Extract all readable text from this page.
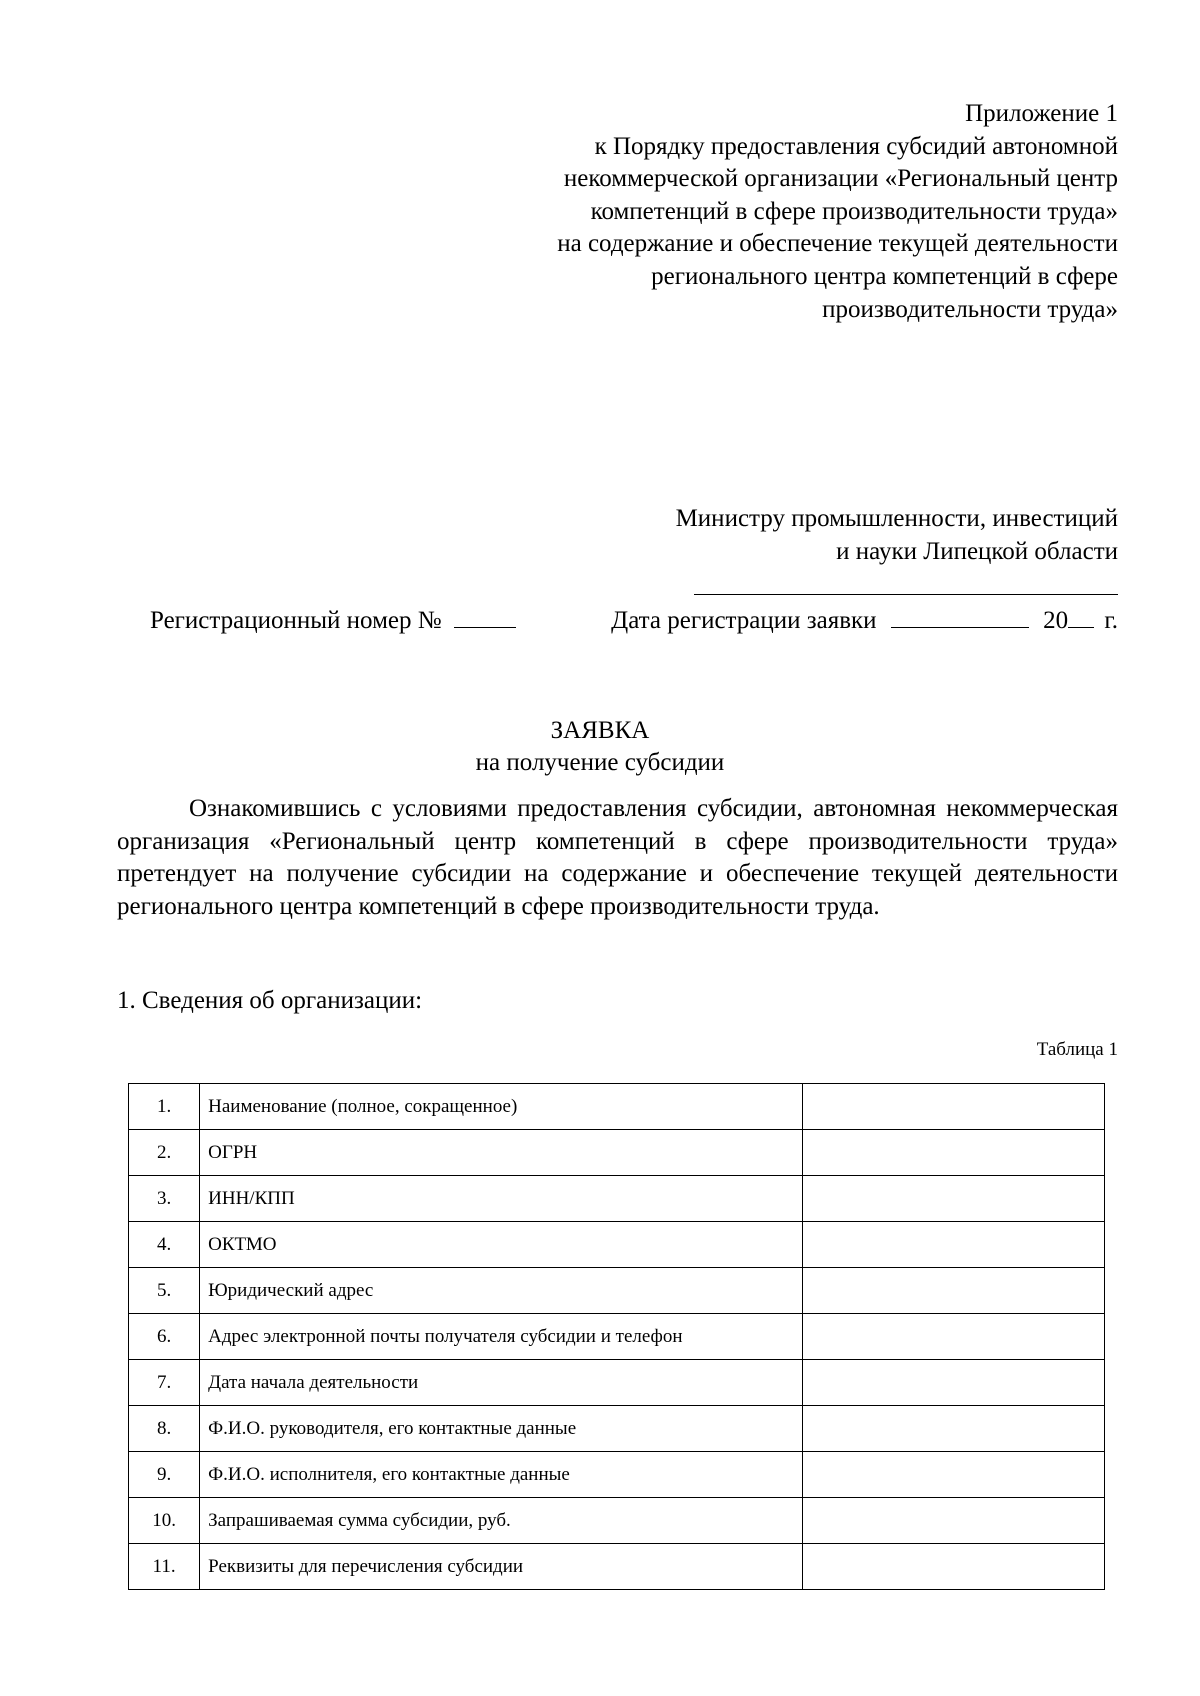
Приложение 1
к Порядку предоставления субсидий автономной
некоммерческой организации «Региональный центр
компетенций в сфере производительности труда»
на содержание и обеспечение текущей деятельности
регионального центра компетенций в сфере
производительности труда»
Министру промышленности, инвестиций
и науки Липецкой области
Регистрационный номер №	Дата регистрации заявки	20 г.
ЗАЯВКА
на получение субсидии
Ознакомившись с условиями предоставления субсидии, автономная некоммерческая организация «Региональный центр компетенций в сфере производительности труда» претендует на получение субсидии на содержание и обеспечение текущей деятельности регионального центра компетенций в сфере производительности труда.
1. Сведения об организации:
Таблица 1
1.	Наименование (полное, сокращенное)	
2.	ОГРН	
3.	ИНН/КПП	
4.	ОКТМО	
5.	Юридический адрес	
6.	Адрес электронной почты получателя субсидии и телефон	
7.	Дата начала деятельности	
8.	Ф.И.О. руководителя, его контактные данные	
9.	Ф.И.О. исполнителя, его контактные данные	
10.	Запрашиваемая сумма субсидии, руб.	
11.	Реквизиты для перечисления субсидии	
